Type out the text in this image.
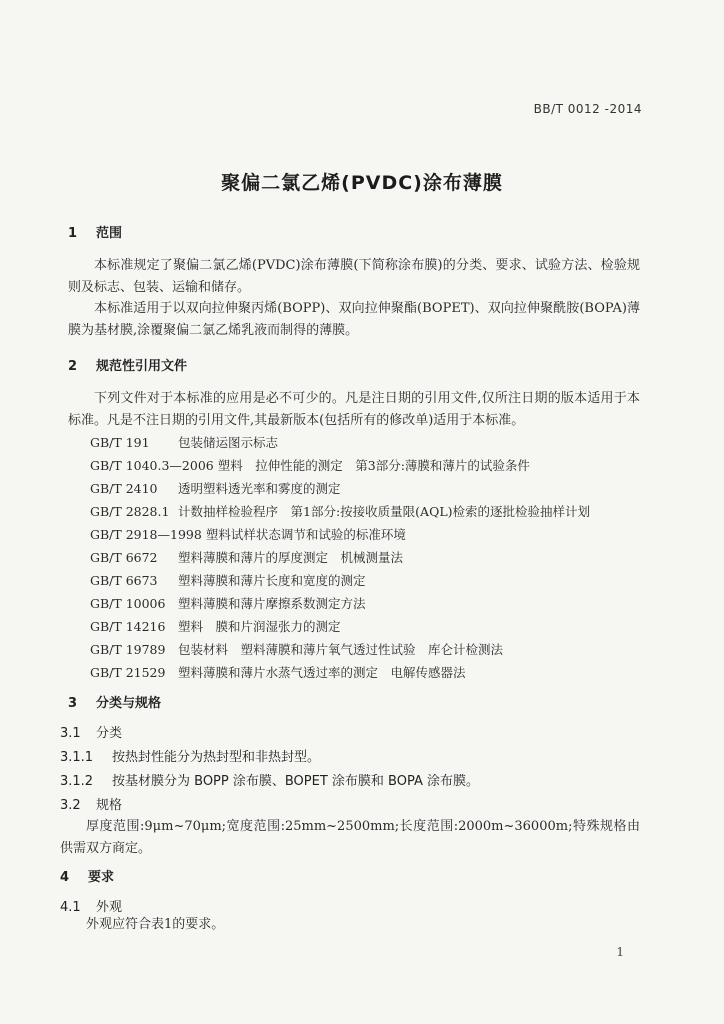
BB/T 0012 -2014
聚偏二氯乙烯(PVDC)涂布薄膜
1 范围
本标准规定了聚偏二氯乙烯(PVDC)涂布薄膜(下简称涂布膜)的分类、要求、试验方法、检验规则及标志、包装、运输和储存。
本标准适用于以双向拉伸聚丙烯(BOPP)、双向拉伸聚酯(BOPET)、双向拉伸聚酰胺(BOPA)薄膜为基材膜,涂覆聚偏二氯乙烯乳液而制得的薄膜。
2 规范性引用文件
下列文件对于本标准的应用是必不可少的。凡是注日期的引用文件,仅所注日期的版本适用于本标准。凡是不注日期的引用文件,其最新版本(包括所有的修改单)适用于本标准。
GB/T 191 包装储运图示标志
GB/T 1040.3—2006 塑料　拉伸性能的测定　第3部分:薄膜和薄片的试验条件
GB/T 2410 透明塑料透光率和雾度的测定
GB/T 2828.1 计数抽样检验程序　第1部分:按接收质量限(AQL)检索的逐批检验抽样计划
GB/T 2918—1998 塑料试样状态调节和试验的标准环境
GB/T 6672 塑料薄膜和薄片的厚度测定　机械测量法
GB/T 6673 塑料薄膜和薄片长度和宽度的测定
GB/T 10006 塑料薄膜和薄片摩擦系数测定方法
GB/T 14216 塑料　膜和片润湿张力的测定
GB/T 19789 包装材料　塑料薄膜和薄片氧气透过性试验　库仑计检测法
GB/T 21529 塑料薄膜和薄片水蒸气透过率的测定　电解传感器法
3 分类与规格
3.1 分类
3.1.1 按热封性能分为热封型和非热封型。
3.1.2 按基材膜分为 BOPP 涂布膜、BOPET 涂布膜和 BOPA 涂布膜。
3.2 规格
厚度范围:9μm~70μm;宽度范围:25mm~2500mm;长度范围:2000m~36000m;特殊规格由供需双方商定。
4 要求
4.1 外观
外观应符合表1的要求。
1
